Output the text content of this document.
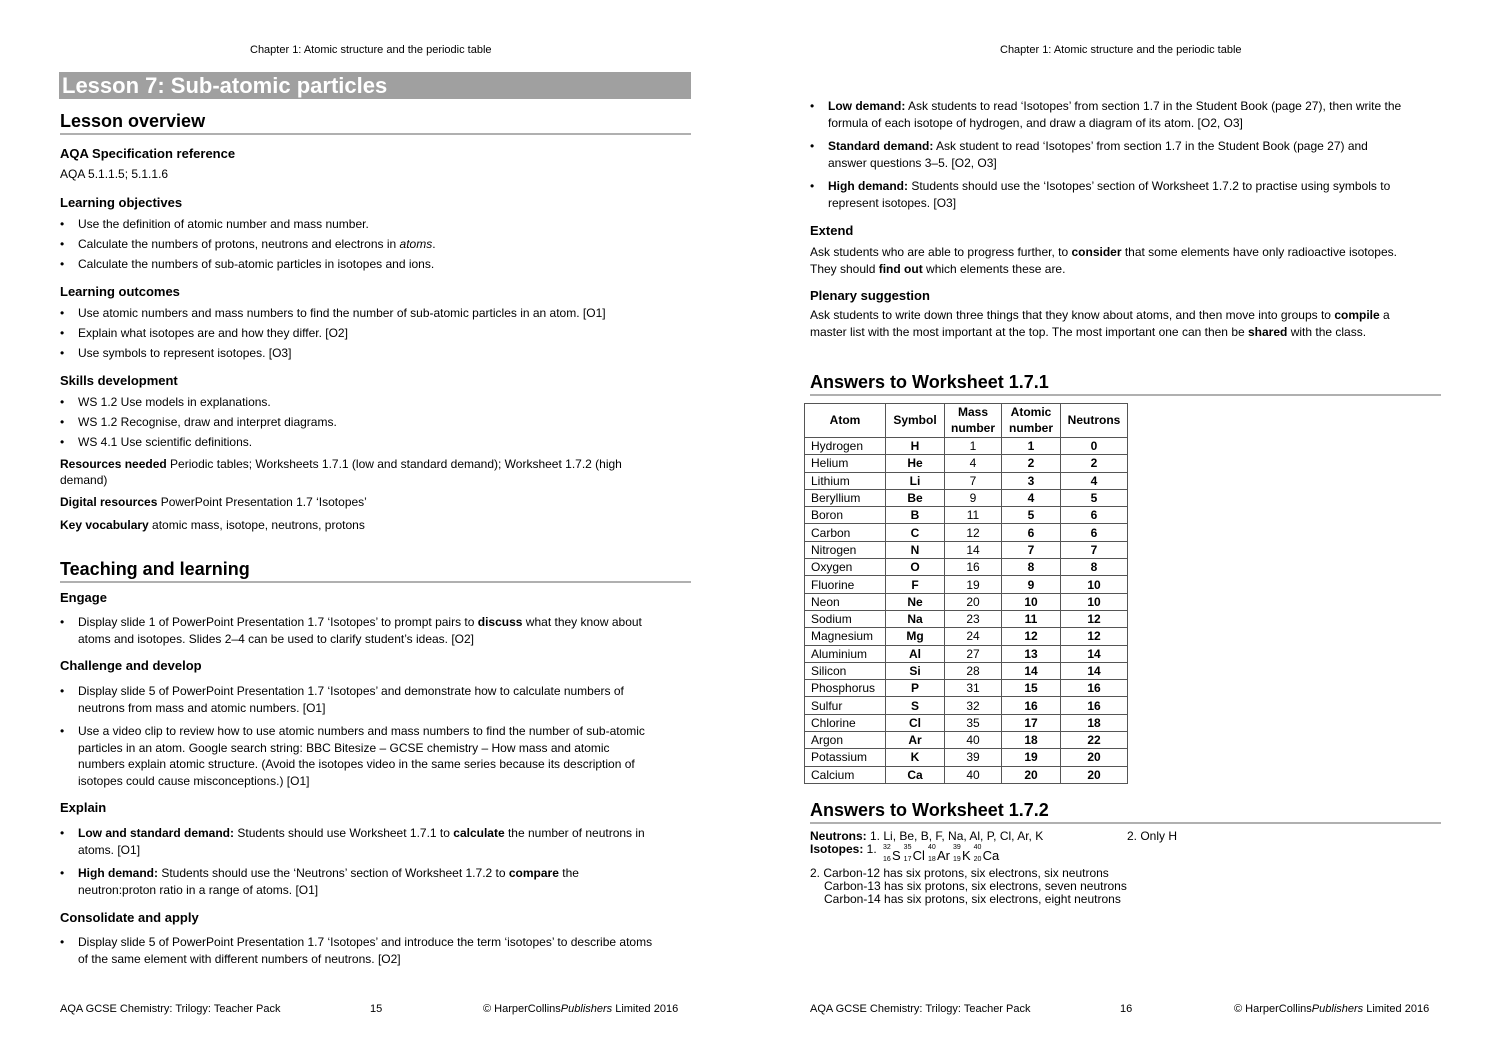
Chapter 1: Atomic structure and the periodic table
Lesson 7: Sub-atomic particles
Lesson overview
AQA Specification reference
AQA 5.1.1.5; 5.1.1.6
Learning objectives
• Use the definition of atomic number and mass number.
• Calculate the numbers of protons, neutrons and electrons in atoms.
• Calculate the numbers of sub-atomic particles in isotopes and ions.
Learning outcomes
• Use atomic numbers and mass numbers to find the number of sub-atomic particles in an atom. [O1]
• Explain what isotopes are and how they differ. [O2]
• Use symbols to represent isotopes. [O3]
Skills development
• WS 1.2 Use models in explanations.
• WS 1.2 Recognise, draw and interpret diagrams.
• WS 4.1 Use scientific definitions.
Resources needed Periodic tables; Worksheets 1.7.1 (low and standard demand); Worksheet 1.7.2 (high
demand)
Digital resources PowerPoint Presentation 1.7 ‘Isotopes’
Key vocabulary atomic mass, isotope, neutrons, protons
Teaching and learning
Engage
• Display slide 1 of PowerPoint Presentation 1.7 ‘Isotopes’ to prompt pairs to discuss what they know about
atoms and isotopes. Slides 2–4 can be used to clarify student’s ideas. [O2]
Challenge and develop
• Display slide 5 of PowerPoint Presentation 1.7 ‘Isotopes’ and demonstrate how to calculate numbers of
neutrons from mass and atomic numbers. [O1]
• Use a video clip to review how to use atomic numbers and mass numbers to find the number of sub-atomic
particles in an atom. Google search string: BBC Bitesize – GCSE chemistry – How mass and atomic
numbers explain atomic structure. (Avoid the isotopes video in the same series because its description of
isotopes could cause misconceptions.) [O1]
Explain
• Low and standard demand: Students should use Worksheet 1.7.1 to calculate the number of neutrons in
atoms. [O1]
• High demand: Students should use the ‘Neutrons’ section of Worksheet 1.7.2 to compare the
neutron:proton ratio in a range of atoms. [O1]
Consolidate and apply
• Display slide 5 of PowerPoint Presentation 1.7 ‘Isotopes’ and introduce the term ‘isotopes’ to describe atoms
of the same element with different numbers of neutrons. [O2]
AQA GCSE Chemistry: Trilogy: Teacher Pack	15	© HarperCollinsPublishers Limited 2016
Chapter 1: Atomic structure and the periodic table
• Low demand: Ask students to read ‘Isotopes’ from section 1.7 in the Student Book (page 27), then write the
formula of each isotope of hydrogen, and draw a diagram of its atom. [O2, O3]
• Standard demand: Ask student to read ‘Isotopes’ from section 1.7 in the Student Book (page 27) and
answer questions 3–5. [O2, O3]
• High demand: Students should use the ‘Isotopes’ section of Worksheet 1.7.2 to practise using symbols to
represent isotopes. [O3]
Extend
Ask students who are able to progress further, to consider that some elements have only radioactive isotopes.
They should find out which elements these are.
Plenary suggestion
Ask students to write down three things that they know about atoms, and then move into groups to compile a
master list with the most important at the top. The most important one can then be shared with the class.
Answers to Worksheet 1.7.1
Atom	Symbol	Mass number	Atomic number	Neutrons
Hydrogen	H	1	1	0
Helium	He	4	2	2
Lithium	Li	7	3	4
Beryllium	Be	9	4	5
Boron	B	11	5	6
Carbon	C	12	6	6
Nitrogen	N	14	7	7
Oxygen	O	16	8	8
Fluorine	F	19	9	10
Neon	Ne	20	10	10
Sodium	Na	23	11	12
Magnesium	Mg	24	12	12
Aluminium	Al	27	13	14
Silicon	Si	28	14	14
Phosphorus	P	31	15	16
Sulfur	S	32	16	16
Chlorine	Cl	35	17	18
Argon	Ar	40	18	22
Potassium	K	39	19	20
Calcium	Ca	40	20	20
Answers to Worksheet 1.7.2
Neutrons: 1. Li, Be, B, F, Na, Al, P, Cl, Ar, K	2. Only H
Isotopes: 1. 32
16 S
35
17 Cl
40
18 Ar
39
19 K
40
20 Ca
2. Carbon-12 has six protons, six electrons, six neutrons
Carbon-13 has six protons, six electrons, seven neutrons
Carbon-14 has six protons, six electrons, eight neutrons
AQA GCSE Chemistry: Trilogy: Teacher Pack	16	© HarperCollinsPublishers Limited 2016
